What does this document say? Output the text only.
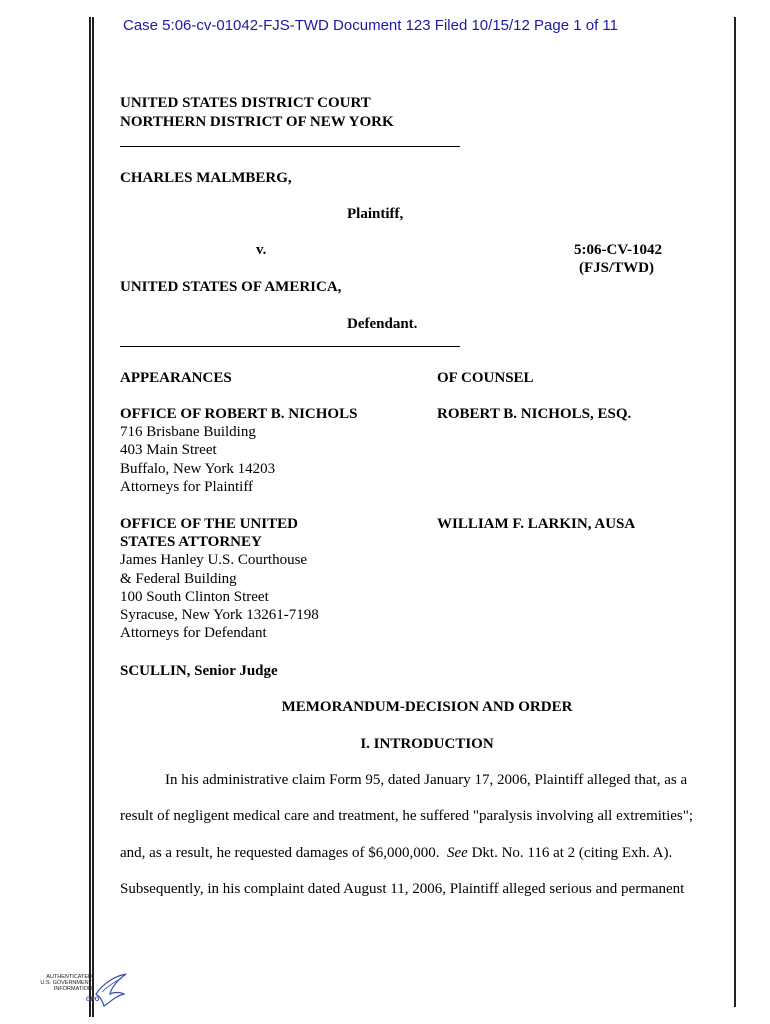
Case 5:06-cv-01042-FJS-TWD Document 123 Filed 10/15/12 Page 1 of 11
UNITED STATES DISTRICT COURT
NORTHERN DISTRICT OF NEW YORK
CHARLES MALMBERG,
Plaintiff,
v.	5:06-CV-1042
(FJS/TWD)
UNITED STATES OF AMERICA,
Defendant.
APPEARANCES	OF COUNSEL
OFFICE OF ROBERT B. NICHOLS
716 Brisbane Building
403 Main Street
Buffalo, New York 14203
Attorneys for Plaintiff
ROBERT B. NICHOLS, ESQ.
OFFICE OF THE UNITED
STATES ATTORNEY
James Hanley U.S. Courthouse
& Federal Building
100 South Clinton Street
Syracuse, New York 13261-7198
Attorneys for Defendant
WILLIAM F. LARKIN, AUSA
SCULLIN, Senior Judge
MEMORANDUM-DECISION AND ORDER
I. INTRODUCTION
In his administrative claim Form 95, dated January 17, 2006, Plaintiff alleged that, as a
result of negligent medical care and treatment, he suffered "paralysis involving all extremities";
and, as a result, he requested damages of $6,000,000. See Dkt. No. 116 at 2 (citing Exh. A).
Subsequently, in his complaint dated August 11, 2006, Plaintiff alleged serious and permanent
AUTHENTICATED
U.S. GOVERNMENT
INFORMATION
GPO
